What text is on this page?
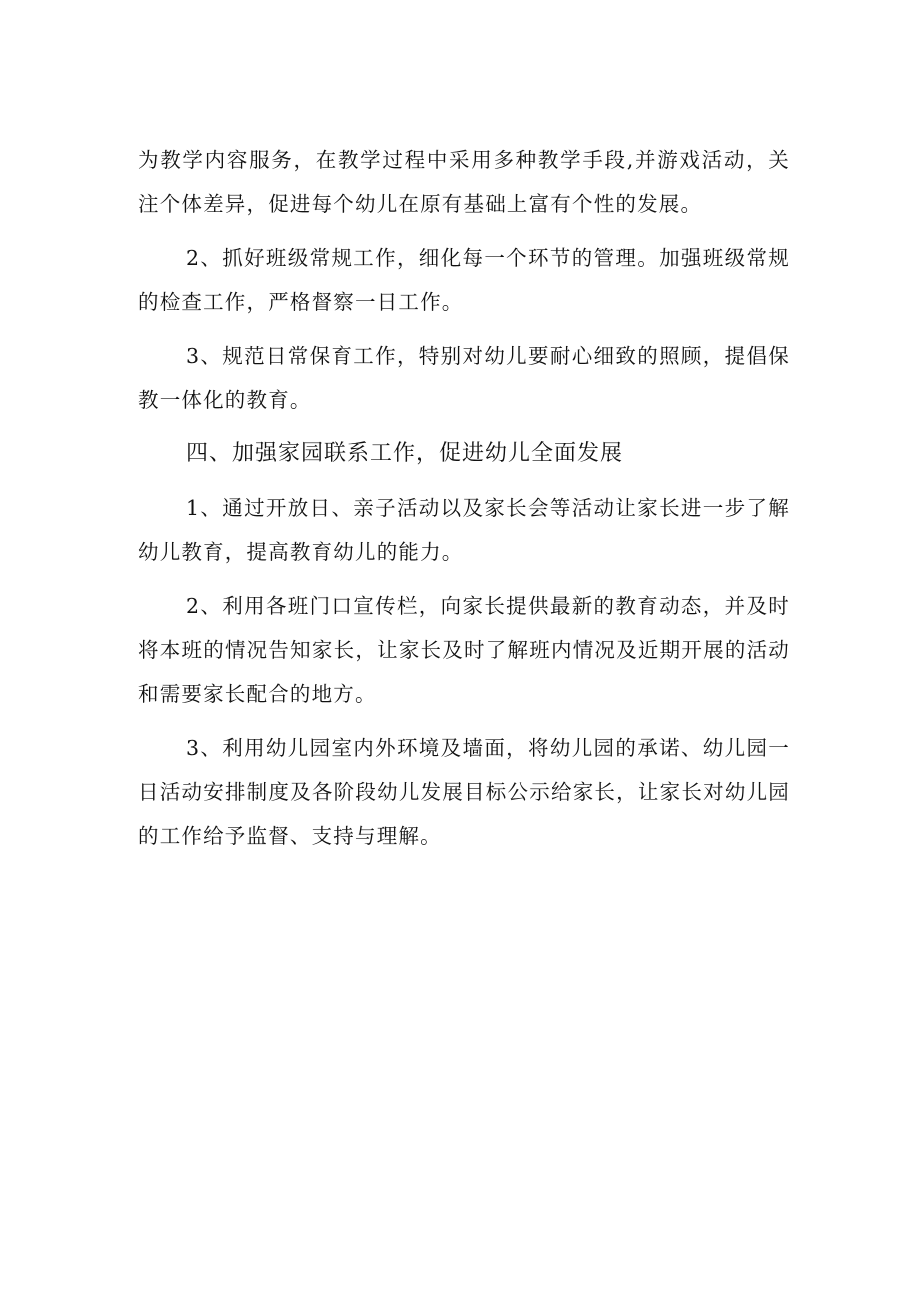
为教学内容服务，在教学过程中采用多种教学手段,并游戏活动，关注个体差异，促进每个幼儿在原有基础上富有个性的发展。

2、抓好班级常规工作，细化每一个环节的管理。加强班级常规的检查工作，严格督察一日工作。

3、规范日常保育工作，特别对幼儿要耐心细致的照顾，提倡保教一体化的教育。

四、加强家园联系工作，促进幼儿全面发展

1、通过开放日、亲子活动以及家长会等活动让家长进一步了解幼儿教育，提高教育幼儿的能力。

2、利用各班门口宣传栏，向家长提供最新的教育动态，并及时将本班的情况告知家长，让家长及时了解班内情况及近期开展的活动和需要家长配合的地方。

3、利用幼儿园室内外环境及墙面，将幼儿园的承诺、幼儿园一日活动安排制度及各阶段幼儿发展目标公示给家长，让家长对幼儿园的工作给予监督、支持与理解。
